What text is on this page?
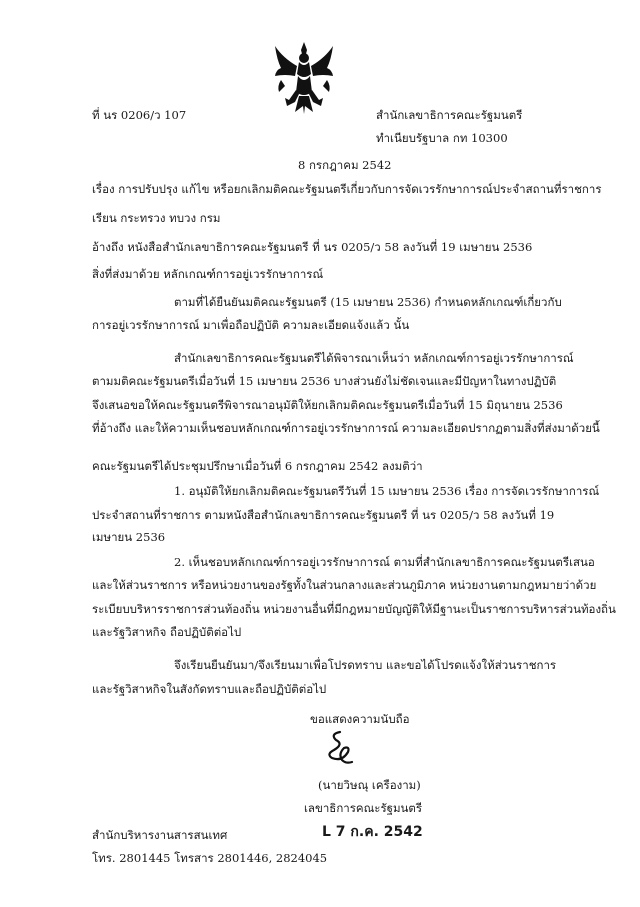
ที่ นร 0206/ว 107	สำนักเลขาธิการคณะรัฐมนตรี
ทำเนียบรัฐบาล กท 10300
8 กรกฎาคม 2542
เรื่อง การปรับปรุง แก้ไข หรือยกเลิกมติคณะรัฐมนตรีเกี่ยวกับการจัดเวรรักษาการณ์ประจำสถานที่ราชการ
เรียน กระทรวง ทบวง กรม
อ้างถึง หนังสือสำนักเลขาธิการคณะรัฐมนตรี ที่ นร 0205/ว 58 ลงวันที่ 19 เมษายน 2536
สิ่งที่ส่งมาด้วย หลักเกณฑ์การอยู่เวรรักษาการณ์
ตามที่ได้ยืนยันมติคณะรัฐมนตรี (15 เมษายน 2536) กำหนดหลักเกณฑ์เกี่ยวกับ
การอยู่เวรรักษาการณ์ มาเพื่อถือปฏิบัติ ความละเอียดแจ้งแล้ว นั้น
สำนักเลขาธิการคณะรัฐมนตรีได้พิจารณาเห็นว่า หลักเกณฑ์การอยู่เวรรักษาการณ์
ตามมติคณะรัฐมนตรีเมื่อวันที่ 15 เมษายน 2536 บางส่วนยังไม่ชัดเจนและมีปัญหาในทางปฏิบัติ
จึงเสนอขอให้คณะรัฐมนตรีพิจารณาอนุมัติให้ยกเลิกมติคณะรัฐมนตรีเมื่อวันที่ 15 มิถุนายน 2536
ที่อ้างถึง และให้ความเห็นชอบหลักเกณฑ์การอยู่เวรรักษาการณ์ ความละเอียดปรากฏตามสิ่งที่ส่งมาด้วยนี้
คณะรัฐมนตรีได้ประชุมปรึกษาเมื่อวันที่ 6 กรกฎาคม 2542 ลงมติว่า
1. อนุมัติให้ยกเลิกมติคณะรัฐมนตรีวันที่ 15 เมษายน 2536 เรื่อง การจัดเวรรักษาการณ์
ประจำสถานที่ราชการ ตามหนังสือสำนักเลขาธิการคณะรัฐมนตรี ที่ นร 0205/ว 58 ลงวันที่ 19
เมษายน 2536
2. เห็นชอบหลักเกณฑ์การอยู่เวรรักษาการณ์ ตามที่สำนักเลขาธิการคณะรัฐมนตรีเสนอ
และให้ส่วนราชการ หรือหน่วยงานของรัฐทั้งในส่วนกลางและส่วนภูมิภาค หน่วยงานตามกฎหมายว่าด้วย
ระเบียบบริหารราชการส่วนท้องถิ่น หน่วยงานอื่นที่มีกฎหมายบัญญัติให้มีฐานะเป็นราชการบริหารส่วนท้องถิ่น
และรัฐวิสาหกิจ ถือปฏิบัติต่อไป
จึงเรียนยืนยันมา/จึงเรียนมาเพื่อโปรดทราบ และขอได้โปรดแจ้งให้ส่วนราชการ
และรัฐวิสาหกิจในสังกัดทราบและถือปฏิบัติต่อไป
ขอแสดงความนับถือ
(นายวิษณุ เครืองาม)
เลขาธิการคณะรัฐมนตรี
L 7 ก.ค. 2542
สำนักบริหารงานสารสนเทศ
โทร. 2801445 โทรสาร 2801446, 2824045
